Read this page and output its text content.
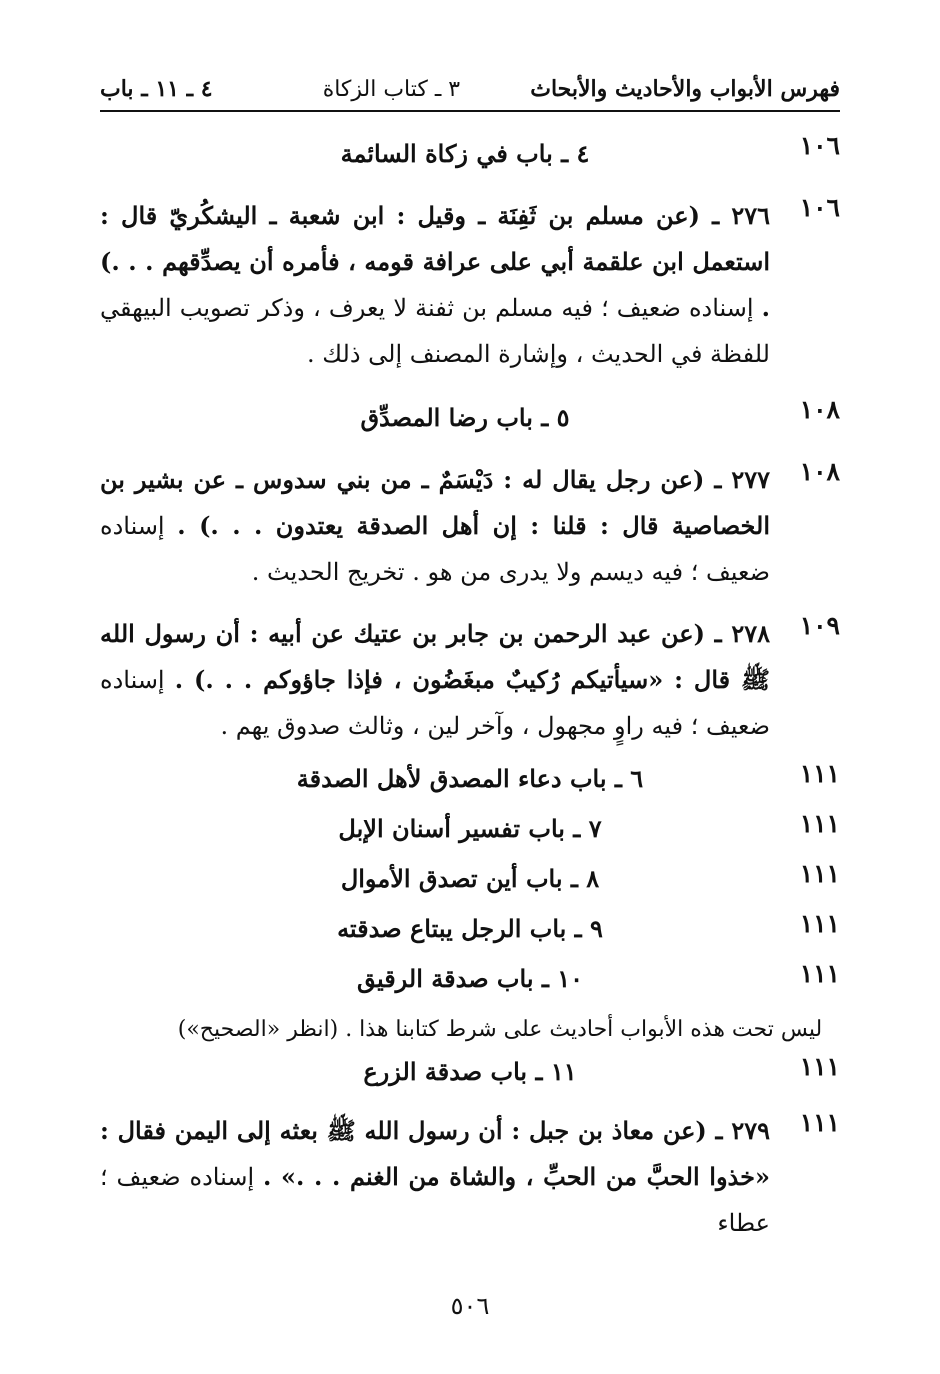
فهرس الأبواب والأحاديث والأبحاث
٣ ـ كتاب الزكاة
٤ ـ ١١ ـ باب
١٠٦
٤ ـ باب في زكاة السائمة
١٠٦
٢٧٦ ـ (عن مسلم بن ثَفِنَة ـ وقيل : ابن شعبة ـ اليشكُريّ قال : استعمل ابن علقمة أبي على عرافة قومه ، فأمره أن يصدِّقهم . . .) . إسناده ضعيف ؛ فيه مسلم بن ثفنة لا يعرف ، وذكر تصويب البيهقي للفظة في الحديث ، وإشارة المصنف إلى ذلك .
١٠٨
٥ ـ باب رضا المصدِّق
١٠٨
٢٧٧ ـ (عن رجل يقال له : دَيْسَمٌ ـ من بني سدوس ـ عن بشير بن الخصاصية قال : قلنا : إن أهل الصدقة يعتدون . . .) . إسناده ضعيف ؛ فيه ديسم ولا يدرى من هو . تخريج الحديث .
١٠٩
٢٧٨ ـ (عن عبد الرحمن بن جابر بن عتيك عن أبيه : أن رسول الله ﷺ قال : «سيأتيكم رُكيبٌ مبغَضُون ، فإذا جاؤوكم . . .) . إسناده ضعيف ؛ فيه راوٍ مجهول ، وآخر لين ، وثالث صدوق يهم .
١١١
٦ ـ باب دعاء المصدق لأهل الصدقة
١١١
٧ ـ باب تفسير أسنان الإبل
١١١
٨ ـ باب أين تصدق الأموال
١١١
٩ ـ باب الرجل يبتاع صدقته
١١١
١٠ ـ باب صدقة الرقيق
ليس تحت هذه الأبواب أحاديث على شرط كتابنا هذا . (انظر «الصحيح»)
١١١
١١ ـ باب صدقة الزرع
١١١
٢٧٩ ـ (عن معاذ بن جبل : أن رسول الله ﷺ بعثه إلى اليمن فقال : «خذوا الحبَّ من الحبِّ ، والشاة من الغنم . . .» . إسناده ضعيف ؛ عطاء
٥٠٦
